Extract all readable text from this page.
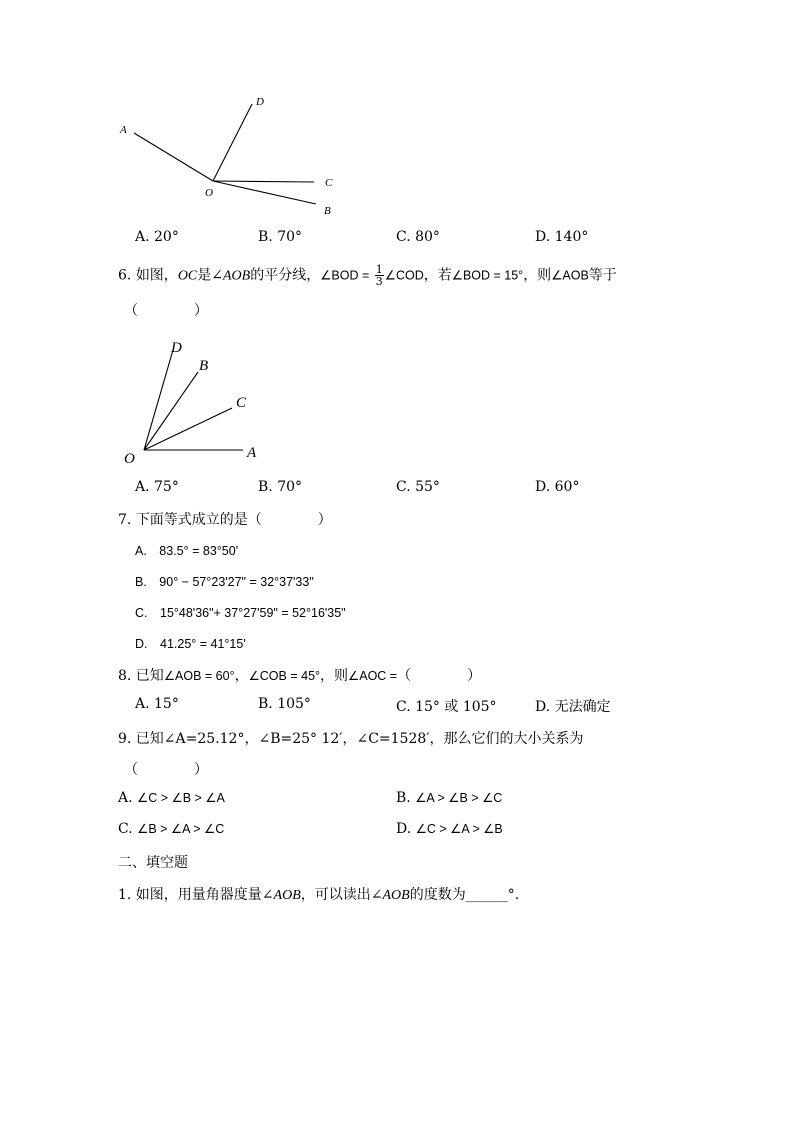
A
D
C
B
O
A. 20°	B. 70°	C. 80°	D. 140°
6. 如图，OC是∠AOB的平分线，∠BOD = $\frac{1}{3}$ ∠COD，若∠BOD = 15°，则∠AOB等于
（　　　　）
D
B
C
A
O
A. 75°	B. 70°	C. 55°	D. 60°
7. 下面等式成立的是（　　　　）
A.　83.5° = 83°50'
B.　90° − 57°23'27" = 32°37'33"
C.　15°48'36"+ 37°27'59" = 52°16'35"
D.　41.25° = 41°15'
8. 已知∠AOB = 60°，∠COB = 45°，则∠AOC =（　　　　）
A. 15°	B. 105°	C. 15° 或 105°	D. 无法确定
9. 已知∠A=25.12°，∠B=25° 12′，∠C=1528′，那么它们的大小关系为
（　　　　）
A. ∠C > ∠B > ∠A	B. ∠A > ∠B > ∠C
C. ∠B > ∠A > ∠C	D. ∠C > ∠A > ∠B
二、填空题
1. 如图，用量角器度量∠AOB，可以读出∠AOB的度数为______°.
